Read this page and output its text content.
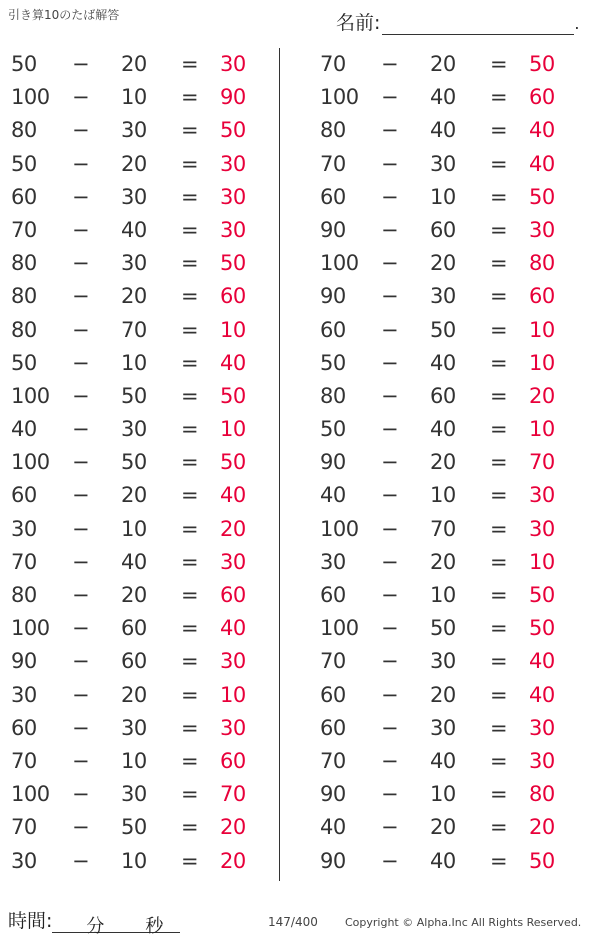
引き算10のたば解答	名前:	.
50	− 20	= 30
100 − 10	= 90
80	− 30	= 50
50	− 20	= 30
60	− 30	= 30
70	− 40	= 30
80	− 30	= 50
80	− 20	= 60
80	− 70	= 10
50	− 10	= 40
100 − 50	= 50
40	− 30	= 10
100 − 50	= 50
60	− 20	= 40
30	− 10	= 20
70	− 40	= 30
80	− 20	= 60
100 − 60	= 40
90	− 60	= 30
30	− 20	= 10
60	− 30	= 30
70	− 10	= 60
100 − 30	= 70
70	− 50	= 20
30	− 10	= 20
70	− 20	= 50
100 − 40	= 60
80	− 40	= 40
70	− 30	= 40
60	− 10	= 50
90	− 60	= 30
100 − 20	= 80
90	− 30	= 60
60	− 50	= 10
50	− 40	= 10
80	− 60	= 20
50	− 40	= 10
90	− 20	= 70
40	− 10	= 30
100 − 70	= 30
30	− 20	= 10
60	− 10	= 50
100 − 50	= 50
70	− 30	= 40
60	− 20	= 40
60	− 30	= 30
70	− 40	= 30
90	− 10	= 80
40	− 20	= 20
90	− 40	= 50
時間: 分 秒	147/400 Copyright © Alpha.Inc All Rights Reserved.
